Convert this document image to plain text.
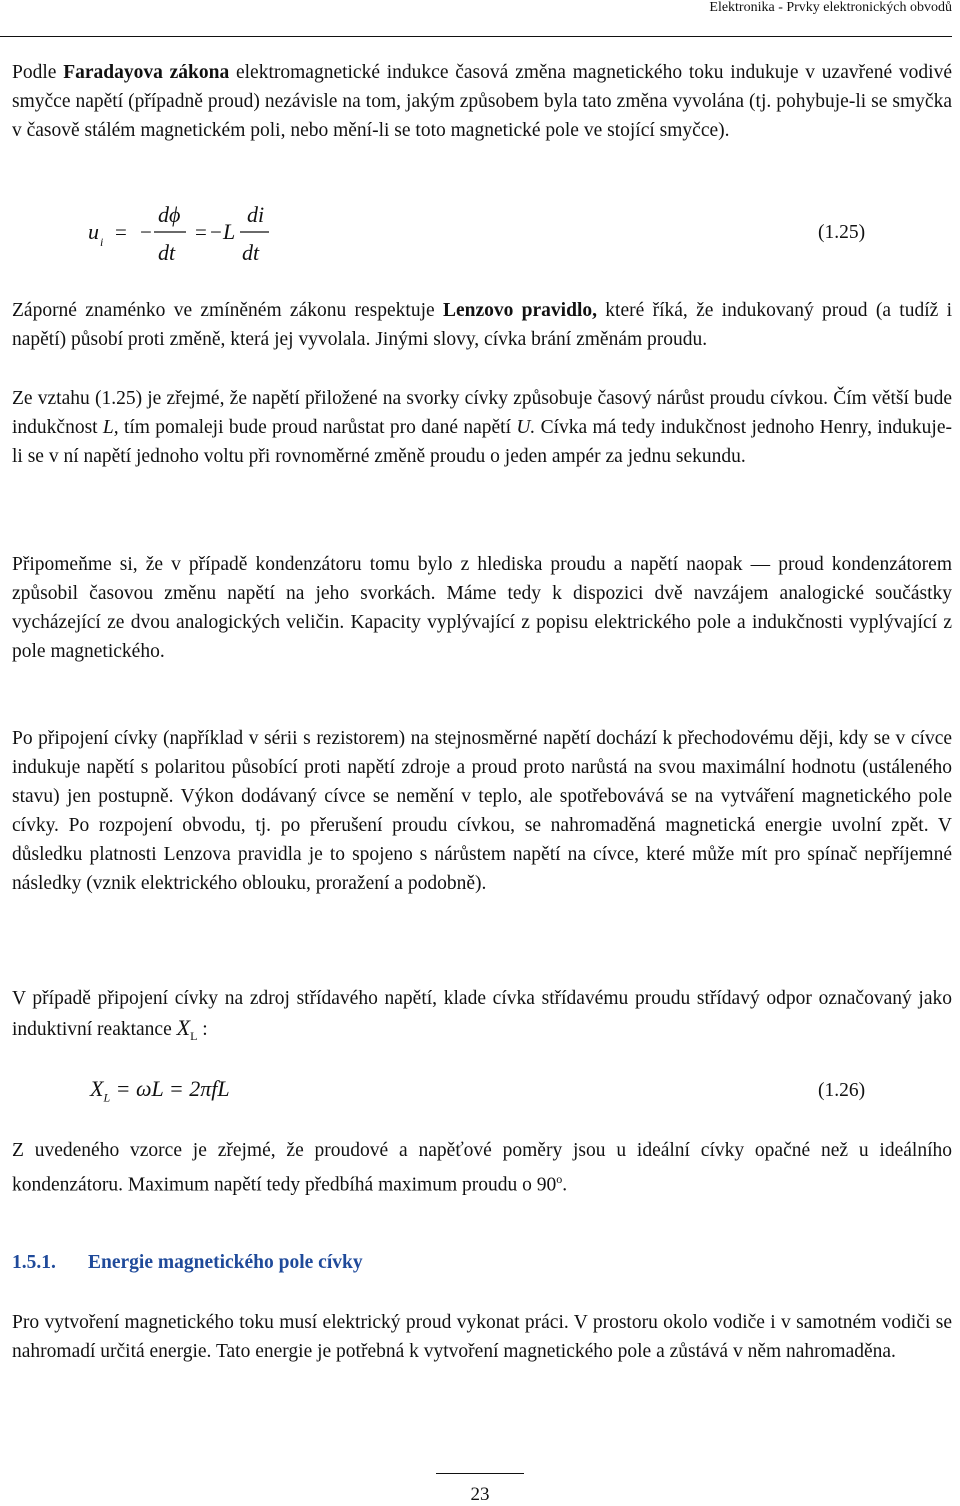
Elektronika - Prvky elektronických obvodů

Podle Faradayova zákona elektromagnetické indukce časová změna magnetického toku indukuje v uzavřené vodivé smyčce napětí (případně proud) nezávisle na tom, jakým způsobem byla tato změna vyvolána (tj. pohybuje-li se smyčka v časově stálém magnetickém poli, nebo mění-li se toto magnetické pole ve stojící smyčce).

u i = − = −
dϕ
dt
L
di
dt
(1.25)

Záporné znaménko ve zmíněném zákonu respektuje Lenzovo pravidlo, které říká, že indukovaný proud (a tudíž i napětí) působí proti změně, která jej vyvolala. Jinými slovy, cívka brání změnám proudu.

Ze vztahu (1.25) je zřejmé, že napětí přiložené na svorky cívky způsobuje časový nárůst proudu cívkou. Čím větší bude indukčnost L, tím pomaleji bude proud narůstat pro dané napětí U. Cívka má tedy indukčnost jednoho Henry, indukuje-li se v ní napětí jednoho voltu při rovnoměrné změně proudu o jeden ampér za jednu sekundu.

Připomeňme si, že v případě kondenzátoru tomu bylo z hlediska proudu a napětí naopak — proud kondenzátorem způsobil časovou změnu napětí na jeho svorkách. Máme tedy k dispozici dvě navzájem analogické součástky vycházející ze dvou analogických veličin. Kapacity vyplývající z popisu elektrického pole a indukčnosti vyplývající z pole magnetického.

Po připojení cívky (například v sérii s rezistorem) na stejnosměrné napětí dochází k přechodovému ději, kdy se v cívce indukuje napětí s polaritou působící proti napětí zdroje a proud proto narůstá na svou maximální hodnotu (ustáleného stavu) jen postupně. Výkon dodávaný cívce se nemění v teplo, ale spotřebovává se na vytváření magnetického pole cívky. Po rozpojení obvodu, tj. po přerušení proudu cívkou, se nahromaděná magnetická energie uvolní zpět. V důsledku platnosti Lenzova pravidla je to spojeno s nárůstem napětí na cívce, které může mít pro spínač nepříjemné následky (vznik elektrického oblouku, proražení a podobně).

V případě připojení cívky na zdroj střídavého napětí, klade cívka střídavému proudu střídavý odpor označovaný jako induktivní reaktance $X_L$ :

$X_L = \omega L = 2\pi fL$	(1.26)

Z uvedeného vzorce je zřejmé, že proudové a napěťové poměry jsou u ideální cívky opačné než u ideálního kondenzátoru. Maximum napětí tedy předbíhá maximum proudu o 90$^o$.

1.5.1. Energie magnetického pole cívky

Pro vytvoření magnetického toku musí elektrický proud vykonat práci. V prostoru okolo vodiče i v samotném vodiči se nahromadí určitá energie. Tato energie je potřebná k vytvoření magnetického pole a zůstává v něm nahromaděna.

23
